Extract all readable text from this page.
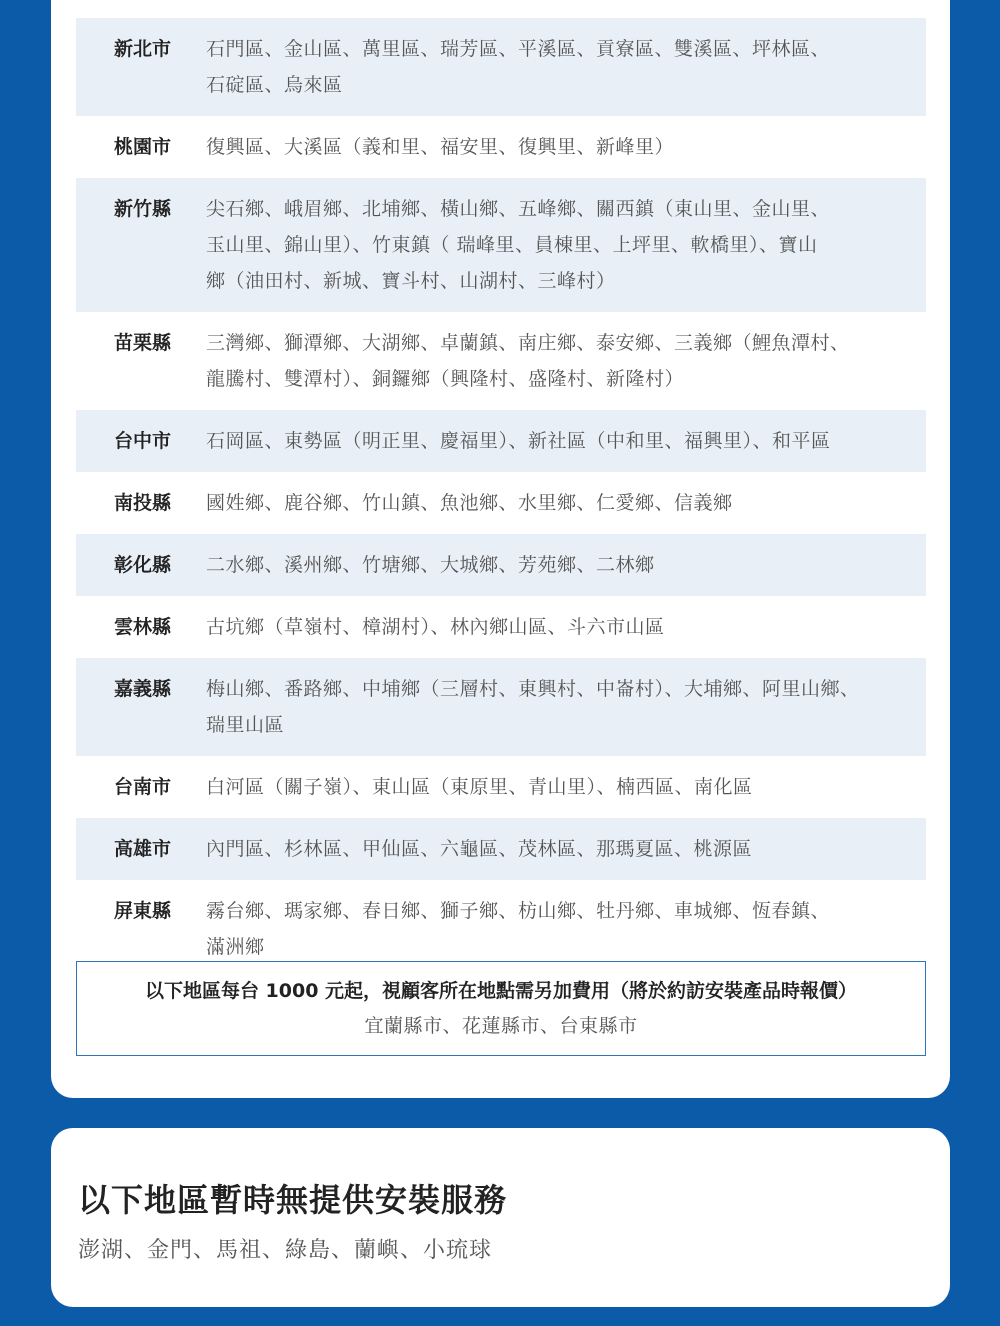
新北市	石門區、金山區、萬里區、瑞芳區、平溪區、貢寮區、雙溪區、坪林區、
石碇區、烏來區
桃園市	復興區、大溪區（義和里、福安里、復興里、新峰里）
新竹縣	尖石鄉、峨眉鄉、北埔鄉、橫山鄉、五峰鄉、關西鎮（東山里、金山里、
玉山里、錦山里）、竹東鎮（ 瑞峰里、員棟里、上坪里、軟橋里）、寶山
鄉（油田村、新城、寶斗村、山湖村、三峰村）
苗栗縣	三灣鄉、獅潭鄉、大湖鄉、卓蘭鎮、南庄鄉、泰安鄉、三義鄉（鯉魚潭村、
龍騰村、雙潭村）、銅鑼鄉（興隆村、盛隆村、新隆村）
台中市	石岡區、東勢區（明正里、慶福里）、新社區（中和里、福興里）、和平區
南投縣	國姓鄉、鹿谷鄉、竹山鎮、魚池鄉、水里鄉、仁愛鄉、信義鄉
彰化縣	二水鄉、溪州鄉、竹塘鄉、大城鄉、芳苑鄉、二林鄉
雲林縣	古坑鄉（草嶺村、樟湖村）、林內鄉山區、斗六市山區
嘉義縣	梅山鄉、番路鄉、中埔鄉（三層村、東興村、中崙村）、大埔鄉、阿里山鄉、
瑞里山區
台南市	白河區（關子嶺）、東山區（東原里、青山里）、楠西區、南化區
高雄市	內門區、杉林區、甲仙區、六龜區、茂林區、那瑪夏區、桃源區
屏東縣	霧台鄉、瑪家鄉、春日鄉、獅子鄉、枋山鄉、牡丹鄉、車城鄉、恆春鎮、
滿洲鄉
以下地區每台 1000 元起，視顧客所在地點需另加費用（將於約訪安裝產品時報價）
宜蘭縣市、花蓮縣市、台東縣市
以下地區暫時無提供安裝服務
澎湖、金門、馬祖、綠島、蘭嶼、小琉球
